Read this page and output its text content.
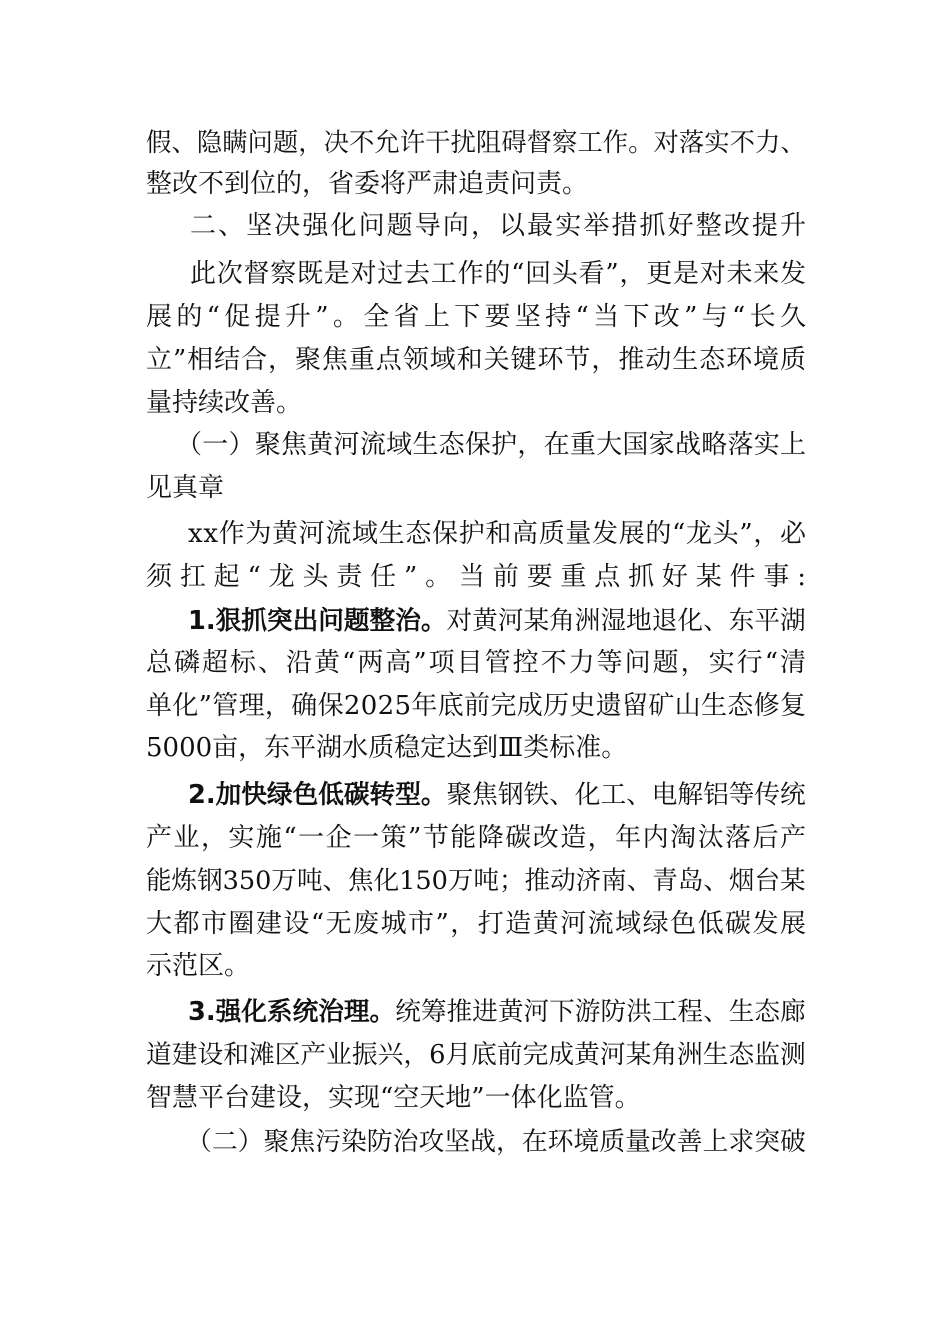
假、隐瞒问题，决不允许干扰阻碍督察工作。对落实不力、
整改不到位的，省委将严肃追责问责。
二、坚决强化问题导向，以最实举措抓好整改提升
此次督察既是对过去工作的“回头看”，更是对未来发
展的“促提升”。全省上下要坚持“当下改”与“长久
立”相结合，聚焦重点领域和关键环节，推动生态环境质
量持续改善。
（一）聚焦黄河流域生态保护，在重大国家战略落实上
见真章
xx作为黄河流域生态保护和高质量发展的“龙头”，必
须扛起“龙头责任”。当前要重点抓好某件事:
1.狠抓突出问题整治。对黄河某角洲湿地退化、东平湖
总磷超标、沿黄“两高”项目管控不力等问题，实行“清
单化”管理，确保2025年底前完成历史遗留矿山生态修复
5000亩，东平湖水质稳定达到Ⅲ类标准。
2.加快绿色低碳转型。聚焦钢铁、化工、电解铝等传统
产业，实施“一企一策”节能降碳改造，年内淘汰落后产
能炼钢350万吨、焦化150万吨；推动济南、青岛、烟台某
大都市圈建设“无废城市”，打造黄河流域绿色低碳发展
示范区。
3.强化系统治理。统筹推进黄河下游防洪工程、生态廊
道建设和滩区产业振兴，6月底前完成黄河某角洲生态监测
智慧平台建设，实现“空天地”一体化监管。
（二）聚焦污染防治攻坚战，在环境质量改善上求突破
